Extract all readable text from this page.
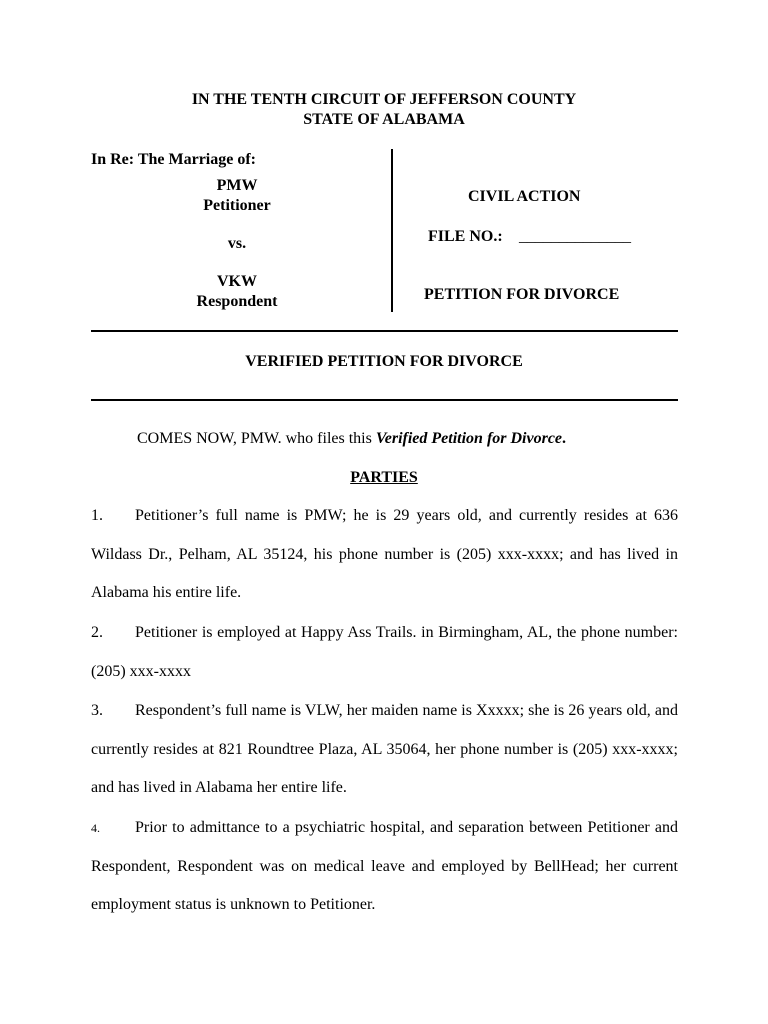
IN THE TENTH CIRCUIT OF JEFFERSON COUNTY
STATE OF ALABAMA
In Re: The Marriage of:
PMW
Petitioner
vs.
VKW
Respondent
CIVIL ACTION
FILE NO.: ______________
PETITION FOR DIVORCE
VERIFIED PETITION FOR DIVORCE
COMES NOW, PMW. who files this Verified Petition for Divorce.
PARTIES
1. Petitioner’s full name is PMW; he is 29 years old, and currently resides at 636 Wildass Dr., Pelham, AL 35124, his phone number is (205) xxx-xxxx; and has lived in Alabama his entire life.
2. Petitioner is employed at Happy Ass Trails. in Birmingham, AL, the phone number: (205) xxx-xxxx
3. Respondent’s full name is VLW, her maiden name is Xxxxx; she is 26 years old, and currently resides at 821 Roundtree Plaza, AL 35064, her phone number is (205) xxx-xxxx; and has lived in Alabama her entire life.
4. Prior to admittance to a psychiatric hospital, and separation between Petitioner and Respondent, Respondent was on medical leave and employed by BellHead; her current employment status is unknown to Petitioner.
